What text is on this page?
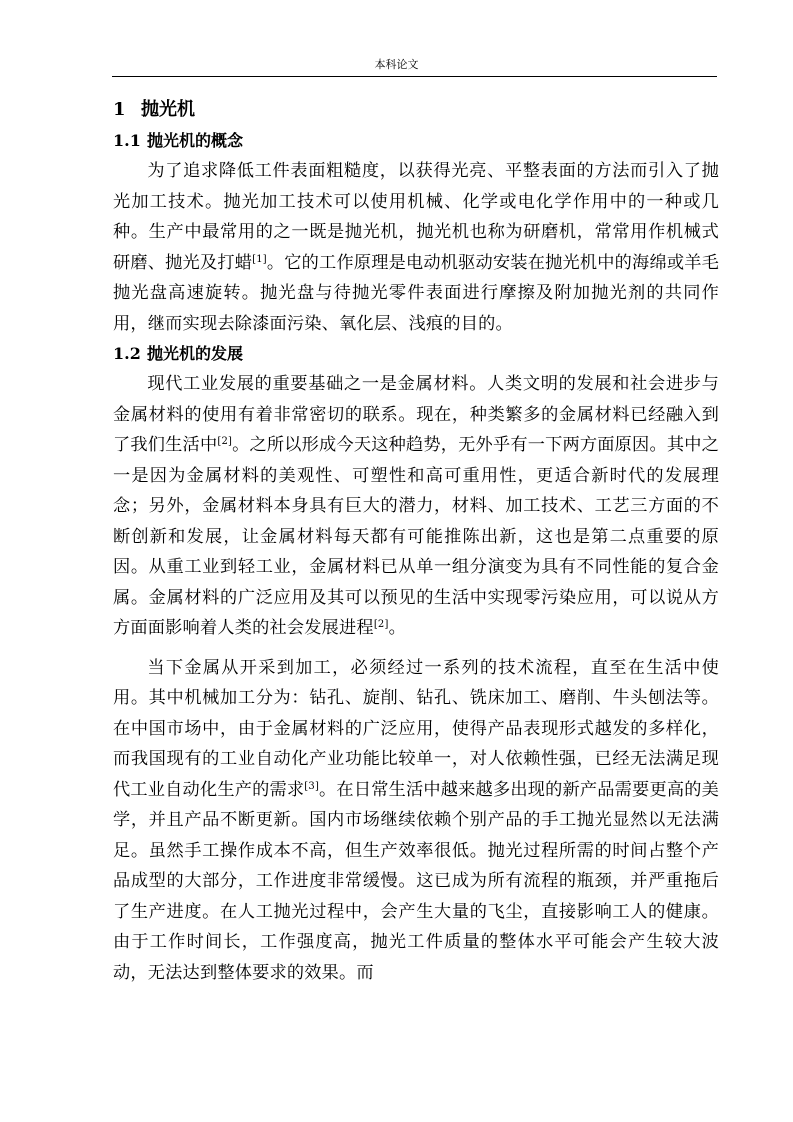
本科论文
1 抛光机
1.1 抛光机的概念

为了追求降低工件表面粗糙度，以获得光亮、平整表面的方法而引入了抛光加工技术。抛光加工技术可以使用机械、化学或电化学作用中的一种或几种。生产中最常用的之一既是抛光机，抛光机也称为研磨机，常常用作机械式研磨、抛光及打蜡[1]。它的工作原理是电动机驱动安装在抛光机中的海绵或羊毛抛光盘高速旋转。抛光盘与待抛光零件表面进行摩擦及附加抛光剂的共同作用，继而实现去除漆面污染、氧化层、浅痕的目的。

1.2 抛光机的发展

现代工业发展的重要基础之一是金属材料。人类文明的发展和社会进步与金属材料的使用有着非常密切的联系。现在，种类繁多的金属材料已经融入到了我们生活中[2]。之所以形成今天这种趋势，无外乎有一下两方面原因。其中之一是因为金属材料的美观性、可塑性和高可重用性，更适合新时代的发展理念；另外，金属材料本身具有巨大的潜力，材料、加工技术、工艺三方面的不断创新和发展，让金属材料每天都有可能推陈出新，这也是第二点重要的原因。从重工业到轻工业，金属材料已从单一组分演变为具有不同性能的复合金属。金属材料的广泛应用及其可以预见的生活中实现零污染应用，可以说从方方面面影响着人类的社会发展进程[2]。

当下金属从开采到加工，必须经过一系列的技术流程，直至在生活中使用。其中机械加工分为：钻孔、旋削、钻孔、铣床加工、磨削、牛头刨法等。在中国市场中，由于金属材料的广泛应用，使得产品表现形式越发的多样化，而我国现有的工业自动化产业功能比较单一，对人依赖性强，已经无法满足现代工业自动化生产的需求[3]。在日常生活中越来越多出现的新产品需要更高的美学，并且产品不断更新。国内市场继续依赖个别产品的手工抛光显然以无法满足。虽然手工操作成本不高，但生产效率很低。抛光过程所需的时间占整个产品成型的大部分，工作进度非常缓慢。这已成为所有流程的瓶颈，并严重拖后了生产进度。在人工抛光过程中，会产生大量的飞尘，直接影响工人的健康。由于工作时间长，工作强度高，抛光工件质量的整体水平可能会产生较大波动，无法达到整体要求的效果。而
